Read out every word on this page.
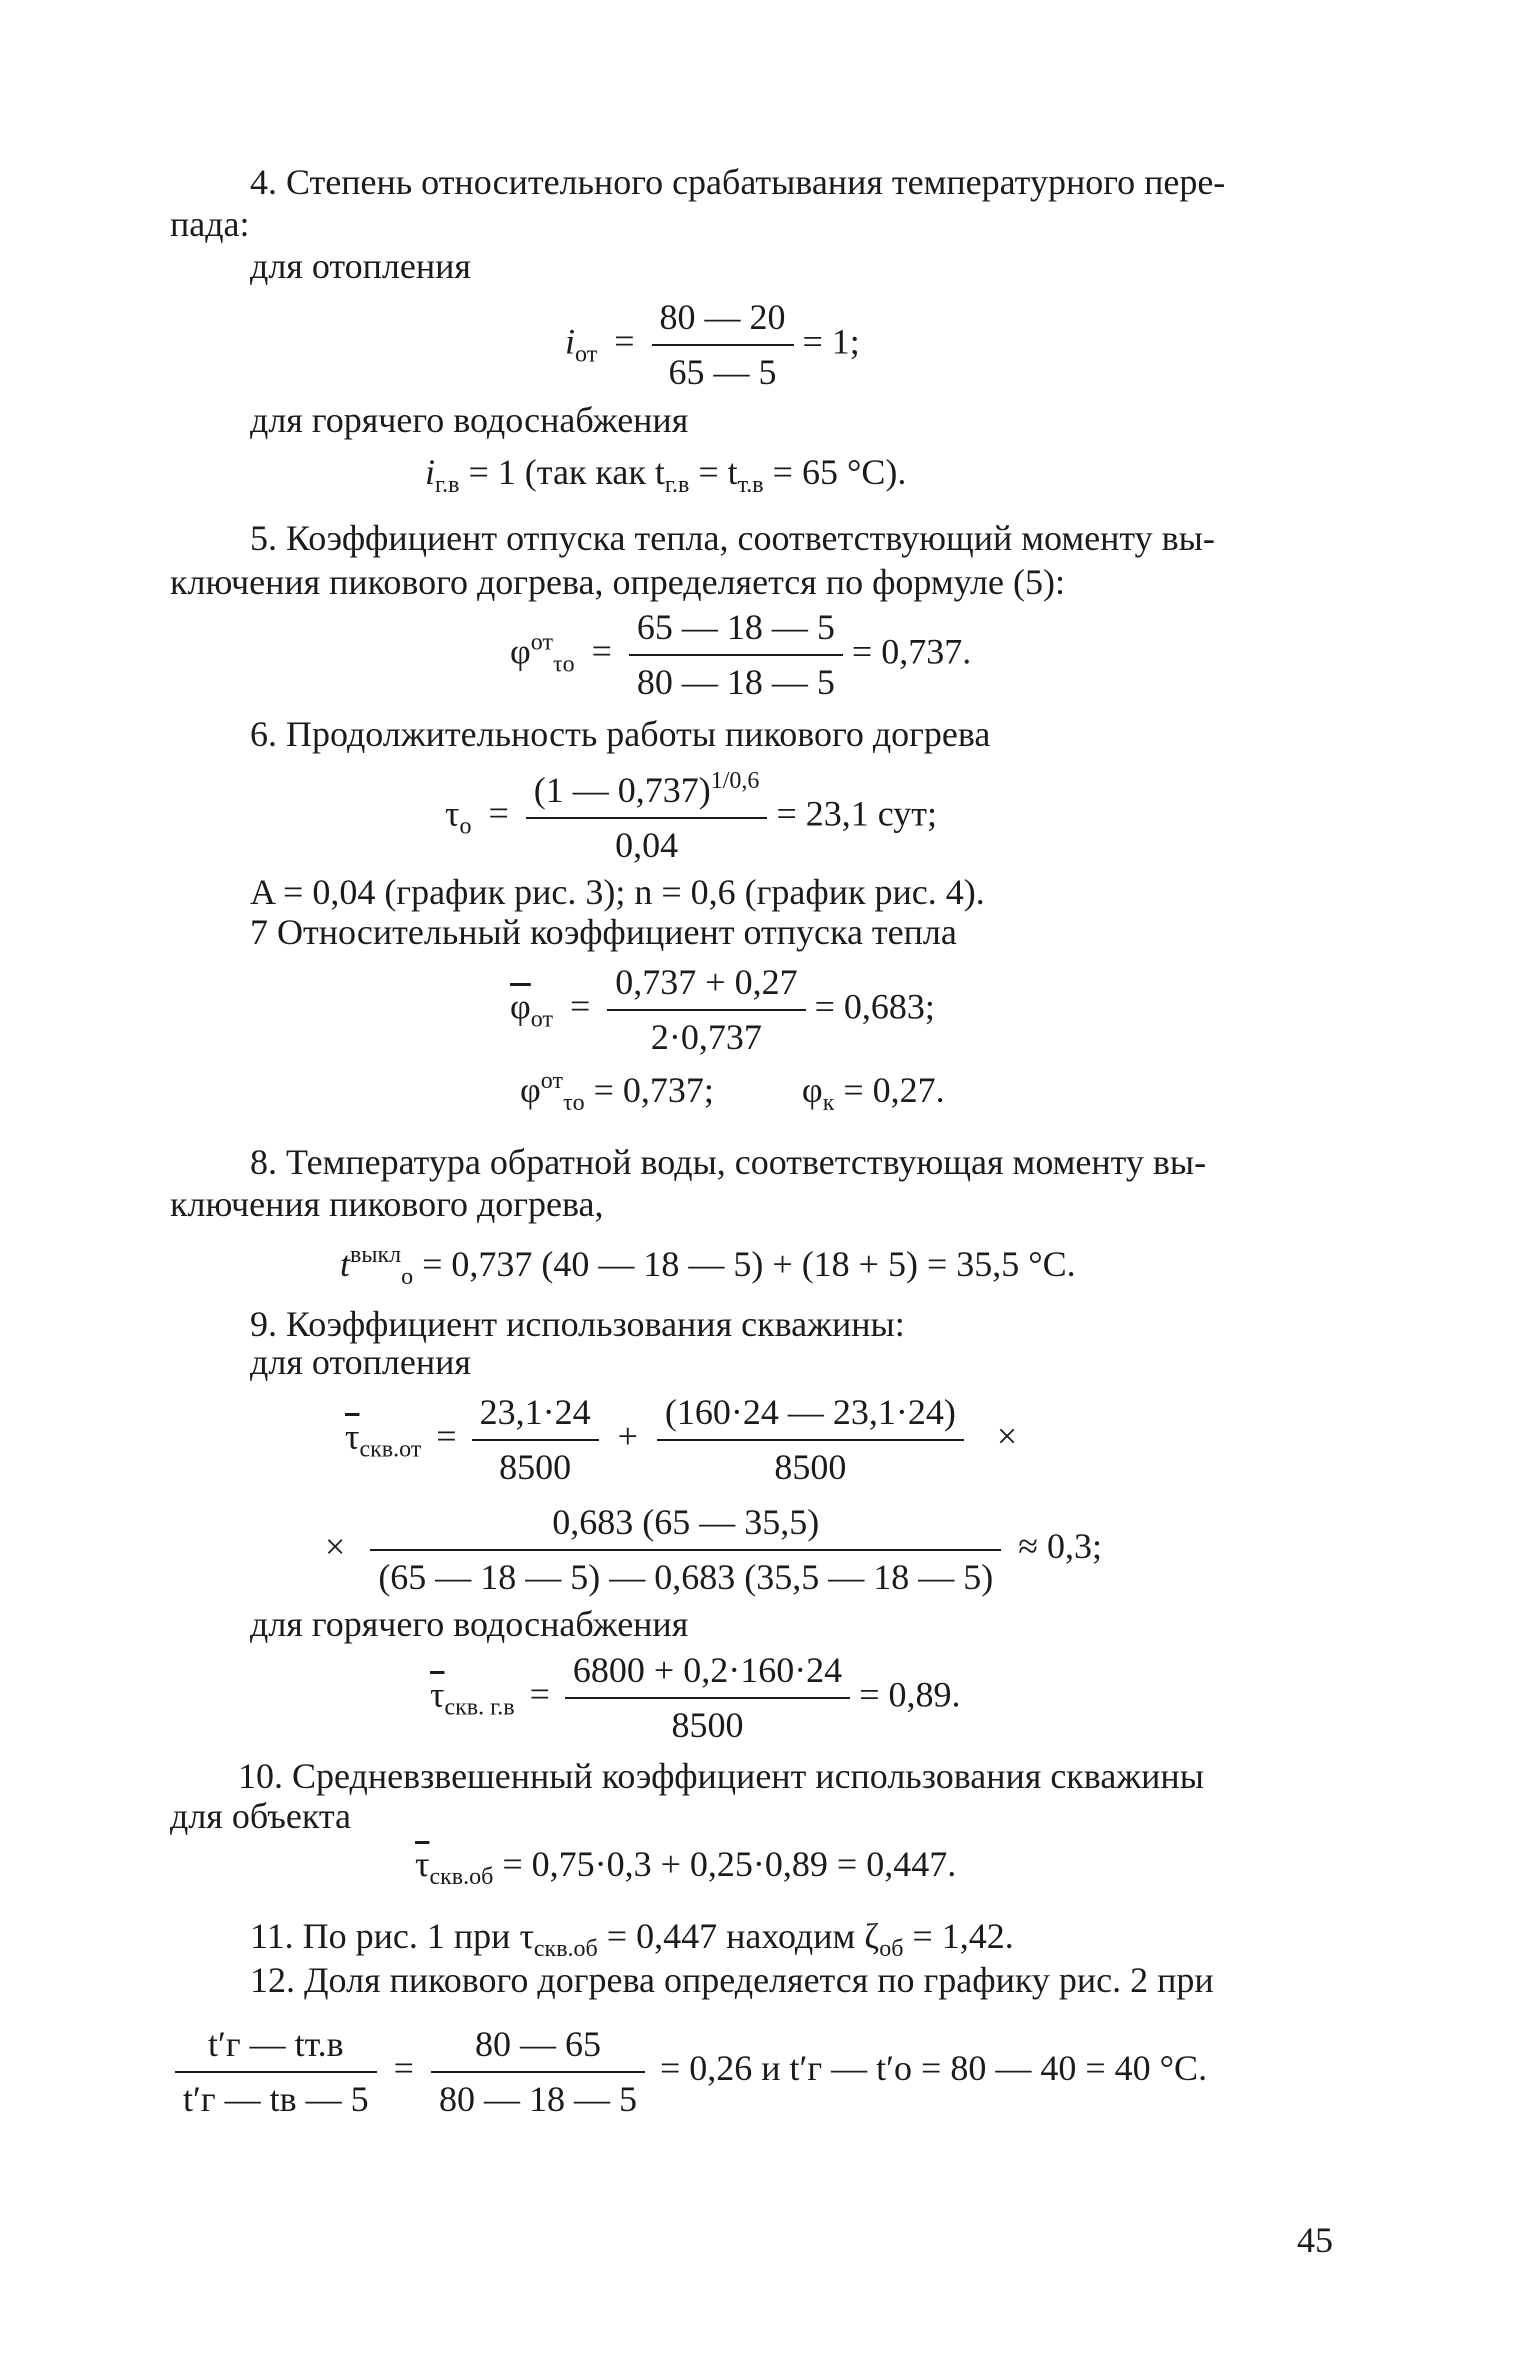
4. Степень относительного срабатывания температурного пере-
пада:
для отопления
$i_{от} = \frac{80 — 20}{65 — 5} = 1$;
для горячего водоснабжения
$i_{г.в} = 1$ (так как $t_{г.в} = t_{т.в} = 65$ °С).
5. Коэффициент отпуска тепла, соответствующий моменту вы-
ключения пикового догрева, определяется по формуле (5):
$\varphi^{от}_{\tau о} = \frac{65 — 18 — 5}{80 — 18 — 5} = 0,737$.
6. Продолжительность работы пикового догрева
$\tau_о = \frac{(1 — 0,737)^{1/0,6}}{0,04} = 23,1$ сут;
A = 0,04 (график рис. 3); n = 0,6 (график рис. 4).
7 Относительный коэффициент отпуска тепла
$\overline{\varphi}_{от} = \frac{0,737 + 0,27}{2\cdot 0,737} = 0,683$;
$\varphi^{от}_{\tau о} = 0,737$; $\varphi_к = 0,27$.
8. Температура обратной воды, соответствующая моменту вы-
ключения пикового догрева,
$t^{выкл}_о = 0,737$ (40 — 18 — 5) + (18 + 5) = 35,5 °С.
9. Коэффициент использования скважины:
для отопления
$\overline{\tau}_{скв.от} = \frac{23,1\cdot 24}{8500} + \frac{(160\cdot 24 — 23,1\cdot 24)}{8500}$ ×
× $\frac{0,683 (65 — 35,5)}{(65 — 18 — 5) — 0,683 (35,5 — 18 — 5)} \approx 0,3$;
для горячего водоснабжения
$\overline{\tau}_{скв. г.в} = \frac{6800 + 0,2\cdot 160\cdot 24}{8500} = 0,89$.
10. Средневзвешенный коэффициент использования скважины
для объекта
$\overline{\tau}_{скв.об} = 0,75\cdot 0,3 + 0,25\cdot 0,89 = 0,447$.
11. По рис. 1 при $\tau_{скв.об} = 0,447$ находим $\zeta_{об} = 1,42$.
12. Доля пикового догрева определяется по графику рис. 2 при
$\frac{t'г — tт.в}{t'г — tв — 5} = \frac{80 — 65}{80 — 18 — 5} = 0,26$ и t′г — t′о = 80 — 40 = 40 °С.
45
